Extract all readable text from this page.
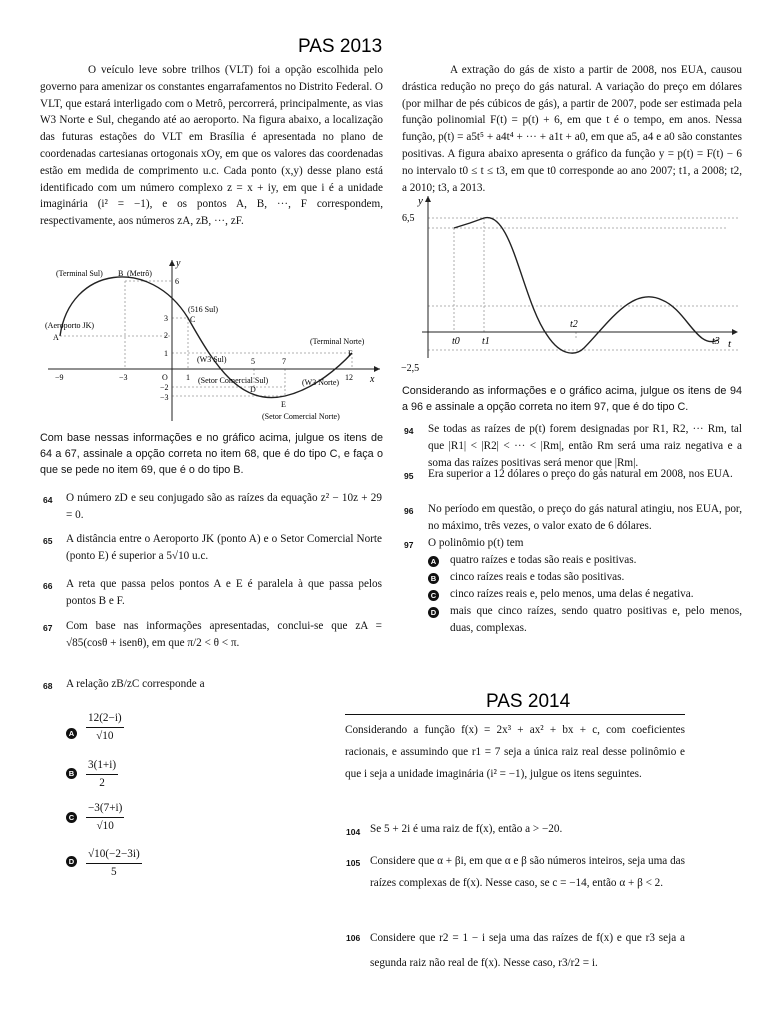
PAS 2013
PAS 2014
O veículo leve sobre trilhos (VLT) foi a opção escolhida pelo governo para amenizar os constantes engarrafamentos no Distrito Federal. O VLT, que estará interligado com o Metrô, percorrerá, principalmente, as vias W3 Norte e Sul, chegando até ao aeroporto. Na figura abaixo, a localização das futuras estações do VLT em Brasília é apresentada no plano de coordenadas cartesianas ortogonais xOy, em que os valores das coordenadas estão em medida de comprimento u.c. Cada ponto (x,y) desse plano está identificado com um número complexo z = x + iy, em que i é a unidade imaginária (i² = −1), e os pontos A, B, ···, F correspondem, respectivamente, aos números zA, zB, ···, zF.
x
y
(Terminal Sul) B (Metrô)
(Aeroporto JK)
A
(516 Sul)
C
(Terminal Norte)
F
(W3 Sul)
(Setor Comercial Sul)
D
(W3 Norte)
E
(Setor Comercial Norte)
O
−9	−3	1
5	7
12
6
3
2
1
−2
−3
Com base nessas informações e no gráfico acima, julgue os itens de 64 a 67, assinale a opção correta no item 68, que é do tipo C, e faça o que se pede no item 69, que é o do tipo B.
64 O número zD e seu conjugado são as raízes da equação z² − 10z + 29 = 0.
65 A distância entre o Aeroporto JK (ponto A) e o Setor Comercial Norte (ponto E) é superior a 5√10 u.c.
66 A reta que passa pelos pontos A e E é paralela à que passa pelos pontos B e F.
67 Com base nas informações apresentadas, conclui-se que zA = √85(cosθ + isenθ), em que π/2 < θ < π.
68 A relação zB/zC corresponde a
A $\frac{12(2-i)}{√10}$
B $\frac{3(1+i)}{2}$
C $\frac{-3(7+i)}{√10}$
D $\frac{√10(-2-3i)}{5}$
A extração do gás de xisto a partir de 2008, nos EUA, causou drástica redução no preço do gás natural. A variação do preço em dólares (por milhar de pés cúbicos de gás), a partir de 2007, pode ser estimada pela função polinomial F(t) = p(t) + 6, em que t é o tempo, em anos. Nessa função, p(t) = a5t⁵ + a4t⁴ + ··· + a1t + a0, em que a5, a4 e a0 são constantes positivas. A figura abaixo apresenta o gráfico da função y = p(t) = F(t) − 6 no intervalo t0 ≤ t ≤ t3, em que t0 corresponde ao ano 2007; t1, a 2008; t2, a 2010; t3, a 2013.
y
t
6,5
−2,5
t0 t1
t2
t3
Considerando as informações e o gráfico acima, julgue os itens de 94 a 96 e assinale a opção correta no item 97, que é do tipo C.
94 Se todas as raízes de p(t) forem designadas por R1, R2, ··· Rm, tal que |R1| < |R2| < ··· < |Rm|, então Rm será uma raiz negativa e a soma das raízes positivas será menor que |Rm|.
95 Era superior a 12 dólares o preço do gás natural em 2008, nos EUA.
96 No período em questão, o preço do gás natural atingiu, nos EUA, por, no máximo, três vezes, o valor exato de 6 dólares.
97 O polinômio p(t) tem
A quatro raízes e todas são reais e positivas.
B cinco raízes reais e todas são positivas.
C cinco raízes reais e, pelo menos, uma delas é negativa.
D mais que cinco raízes, sendo quatro positivas e, pelo menos, duas, complexas.
Considerando a função f(x) = 2x³ + ax² + bx + c, com coeficientes racionais, e assumindo que r1 = 7 seja a única raiz real desse polinômio e que i seja a unidade imaginária (i² = −1), julgue os itens seguintes.
104 Se 5 + 2i é uma raiz de f(x), então a > −20.
105 Considere que α + βi, em que α e β são números inteiros, seja uma das raízes complexas de f(x). Nesse caso, se c = −14, então α + β < 2.
106 Considere que r2 = 1 − i seja uma das raízes de f(x) e que r3 seja a segunda raiz não real de f(x). Nesse caso, r3/r2 = i.
